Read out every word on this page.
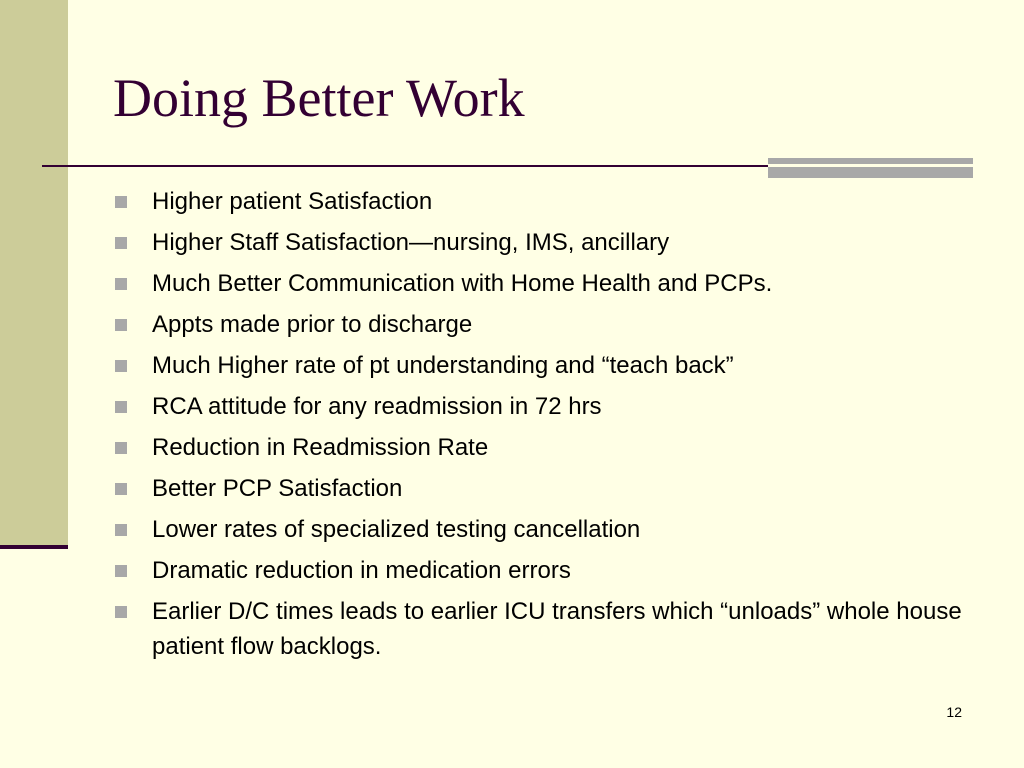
Doing Better Work
Higher patient Satisfaction
Higher Staff Satisfaction—nursing, IMS, ancillary
Much Better Communication with Home Health and PCPs.
Appts made prior to discharge
Much Higher rate of pt understanding and “teach back”
RCA attitude for any readmission in 72 hrs
Reduction in Readmission Rate
Better PCP Satisfaction
Lower rates of specialized testing cancellation
Dramatic reduction in medication errors
Earlier D/C times leads to earlier ICU transfers which “unloads” whole house patient flow backlogs.
12
